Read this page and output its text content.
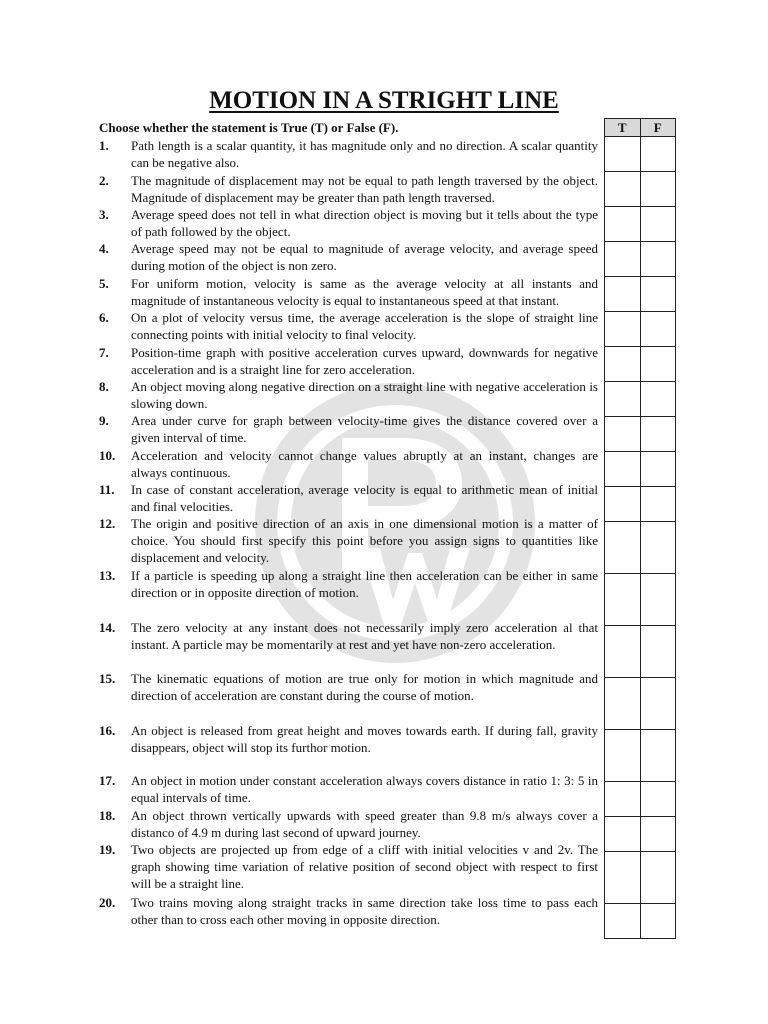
MOTION IN A STRIGHT LINE
Choose whether the statement is True (T) or False (F).
1.	Path length is a scalar quantity, it has magnitude only and no direction. A scalar quantity can be negative also.
2.	The magnitude of displacement may not be equal to path length traversed by the object. Magnitude of displacement may be greater than path length traversed.
3.	Average speed does not tell in what direction object is moving but it tells about the type of path followed by the object.
4.	Average speed may not be equal to magnitude of average velocity, and average speed during motion of the object is non zero.
5.	For uniform motion, velocity is same as the average velocity at all instants and magnitude of instantaneous velocity is equal to instantaneous speed at that instant.
6.	On a plot of velocity versus time, the average acceleration is the slope of straight line connecting points with initial velocity to final velocity.
7.	Position-time graph with positive acceleration curves upward, downwards for negative acceleration and is a straight line for zero acceleration.
8.	An object moving along negative direction on a straight line with negative acceleration is slowing down.
9.	Area under curve for graph between velocity-time gives the distance covered over a given interval of time.
10.	Acceleration and velocity cannot change values abruptly at an instant, changes are always continuous.
11.	In case of constant acceleration, average velocity is equal to arithmetic mean of initial and final velocities.
12.	The origin and positive direction of an axis in one dimensional motion is a matter of choice. You should first specify this point before you assign signs to quantities like displacement and velocity.
13.	If a particle is speeding up along a straight line then acceleration can be either in same direction or in opposite direction of motion.
14.	The zero velocity at any instant does not necessarily imply zero acceleration al that instant. A particle may be momentarily at rest and yet have non-zero acceleration.
15.	The kinematic equations of motion are true only for motion in which magnitude and direction of acceleration are constant during the course of motion.
16.	An object is released from great height and moves towards earth. If during fall, gravity disappears, object will stop its furthor motion.
17.	An object in motion under constant acceleration always covers distance in ratio 1: 3: 5 in equal intervals of time.
18.	An object thrown vertically upwards with speed greater than 9.8 m/s always cover a distanco of 4.9 m during last second of upward journey.
19.	Two objects are projected up from edge of a cliff with initial velocities v and 2v. The graph showing time variation of relative position of second object with respect to first will be a straight line.
20.	Two trains moving along straight tracks in same direction take loss time to pass each other than to cross each other moving in opposite direction.
T	F
